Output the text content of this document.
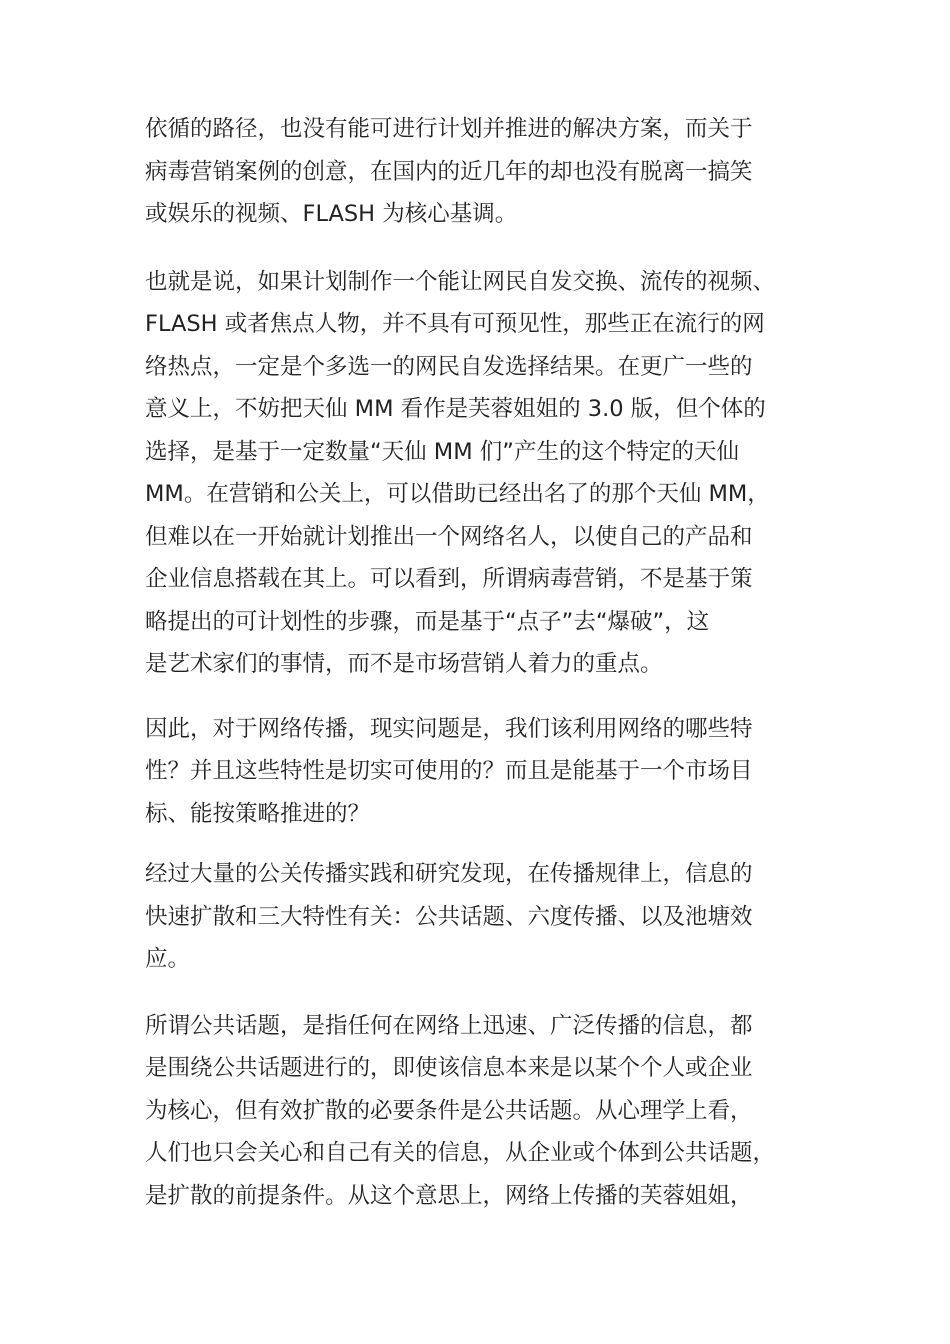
依循的路径，也没有能可进行计划并推进的解决方案，而关于
病毒营销案例的创意，在国内的近几年的却也没有脱离一搞笑
或娱乐的视频、FLASH 为核心基调。

也就是说，如果计划制作一个能让网民自发交换、流传的视频、
FLASH 或者焦点人物，并不具有可预见性，那些正在流行的网
络热点，一定是个多选一的网民自发选择结果。在更广一些的
意义上，不妨把天仙 MM 看作是芙蓉姐姐的 3.0 版，但个体的
选择，是基于一定数量“天仙 MM 们”产生的这个特定的天仙
MM。在营销和公关上，可以借助已经出名了的那个天仙 MM，
但难以在一开始就计划推出一个网络名人，以使自己的产品和
企业信息搭载在其上。可以看到，所谓病毒营销，不是基于策
略提出的可计划性的步骤，而是基于“点子”去“爆破”，这
是艺术家们的事情，而不是市场营销人着力的重点。

因此，对于网络传播，现实问题是，我们该利用网络的哪些特
性？并且这些特性是切实可使用的？而且是能基于一个市场目
标、能按策略推进的？

经过大量的公关传播实践和研究发现，在传播规律上，信息的
快速扩散和三大特性有关：公共话题、六度传播、以及池塘效
应。

所谓公共话题，是指任何在网络上迅速、广泛传播的信息，都
是围绕公共话题进行的，即使该信息本来是以某个个人或企业
为核心，但有效扩散的必要条件是公共话题。从心理学上看，
人们也只会关心和自己有关的信息，从企业或个体到公共话题，
是扩散的前提条件。从这个意思上，网络上传播的芙蓉姐姐，
